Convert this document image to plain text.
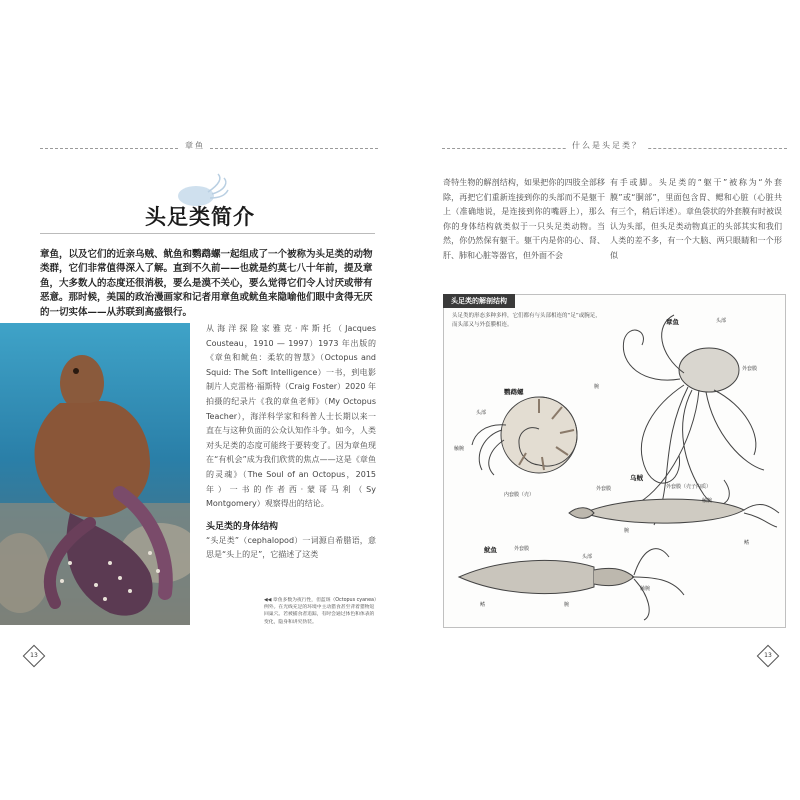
章鱼
头足类简介
章鱼，以及它们的近亲乌贼、鱿鱼和鹦鹉螺一起组成了一个被称为头足类的动物类群，它们非常值得深入了解。直到不久前——也就是约莫七八十年前，提及章鱼，大多数人的态度还很消极，要么是漠不关心，要么觉得它们令人讨厌或带有恶意。那时候，美国的政治漫画家和记者用章鱼或鱿鱼来隐喻他们眼中贪得无厌的一切实体——从苏联到高盛银行。
从海洋探险家雅克·库斯托（Jacques Cousteau，1910 — 1997）1973 年出版的《章鱼和鱿鱼：柔软的智慧》（Octopus and Squid: The Soft Intelligence）一书，到电影制片人克雷格·福斯特（Craig Foster）2020 年拍摄的纪录片《我的章鱼老师》（My Octopus Teacher），海洋科学家和科普人士长期以来一直在与这种负面的公众认知作斗争。如今，人类对头足类的态度可能终于要转变了。因为章鱼现在“有机会”成为我们欣赏的焦点——这是《章鱼的灵魂》（The Soul of an Octopus，2015 年）一书的作者西·蒙哥马利（Sy Montgomery）观察得出的结论。
头足类的身体结构
“头足类”（cephalopod）一词源自希腊语，意思是“头上的足”，它描述了这类
◀◀ 章鱼多数为夜行性，但蓝斑（Octopus cyanea）例外。在光线充足的环境中主动猎食甚至背着猎物返回巢穴。若被捕食者追踪，有时会通过体色和体表的变化，隐身和讲究伪装。
13
什么是头足类？
奇特生物的解剖结构，如果把你的四肢全部移除，再把它们重新连接到你的头部而不是躯干上（准确地说，是连接到你的嘴唇上），那么你的身体结构就类似于一只头足类动物。当然，你仍然保有躯干。躯干内是你的心、肾、肝、肺和心脏等器官，但外面不会
有手或脚。头足类的“躯干”被称为“外套膜”或“胴部”，里面包含胃、鳃和心脏（心脏共有三个，稍后详述）。章鱼袋状的外套膜有时被误认为头部，但头足类动物真正的头部其实和我们人类的差不多，有一个大脑、两只眼睛和一个形似
头足类的解剖结构
头足类的形态多种多样，它们都有与头部相连的“足”或腕足，而头部又与外套膜相连。	章鱼	头部
外套膜
腕
鹦鹉螺
头部
触腕
乌贼
外套膜
内套膜（壳）
外套膜（壳子内质）
触腕
腕
鳍
鱿鱼	外套膜
头部
鳍	腕
触腕
13
